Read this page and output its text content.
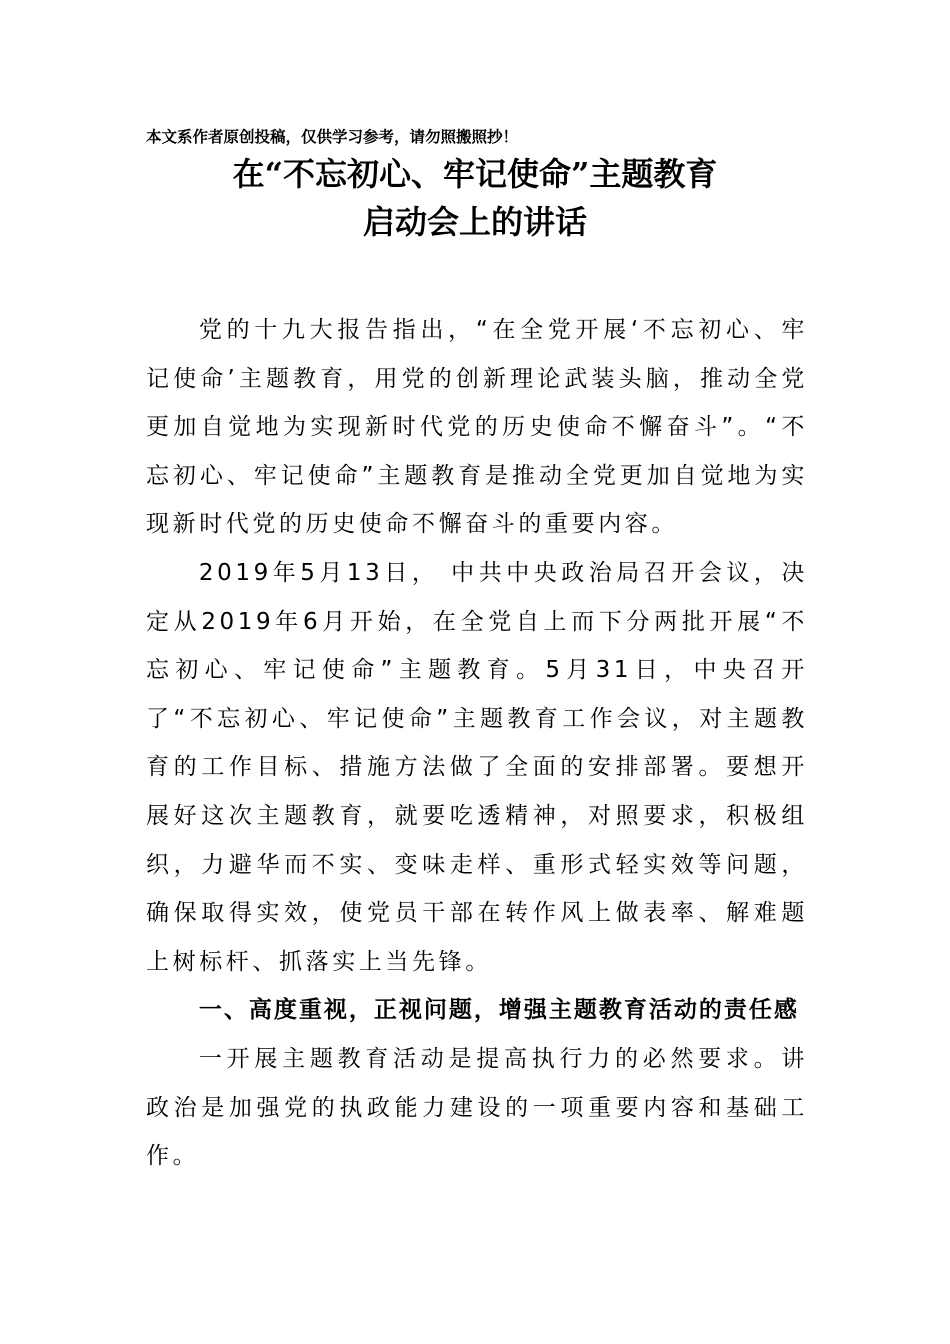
本文系作者原创投稿，仅供学习参考，请勿照搬照抄！
在“不忘初心、牢记使命”主题教育
启动会上的讲话

党的十九大报告指出，“在全党开展‘不忘初心、牢记使命’主题教育，用党的创新理论武装头脑，推动全党更加自觉地为实现新时代党的历史使命不懈奋斗”。“不忘初心、牢记使命”主题教育是推动全党更加自觉地为实现新时代党的历史使命不懈奋斗的重要内容。

2019年5月13日， 中共中央政治局召开会议，决定从2019年6月开始，在全党自上而下分两批开展“不忘初心、牢记使命”主题教育。5月31日，中央召开了“不忘初心、牢记使命”主题教育工作会议，对主题教育的工作目标、措施方法做了全面的安排部署。要想开展好这次主题教育，就要吃透精神，对照要求，积极组织，力避华而不实、变味走样、重形式轻实效等问题，确保取得实效，使党员干部在转作风上做表率、解难题上树标杆、抓落实上当先锋。

一、高度重视，正视问题，增强主题教育活动的责任感

一开展主题教育活动是提高执行力的必然要求。讲政治是加强党的执政能力建设的一项重要内容和基础工作。
